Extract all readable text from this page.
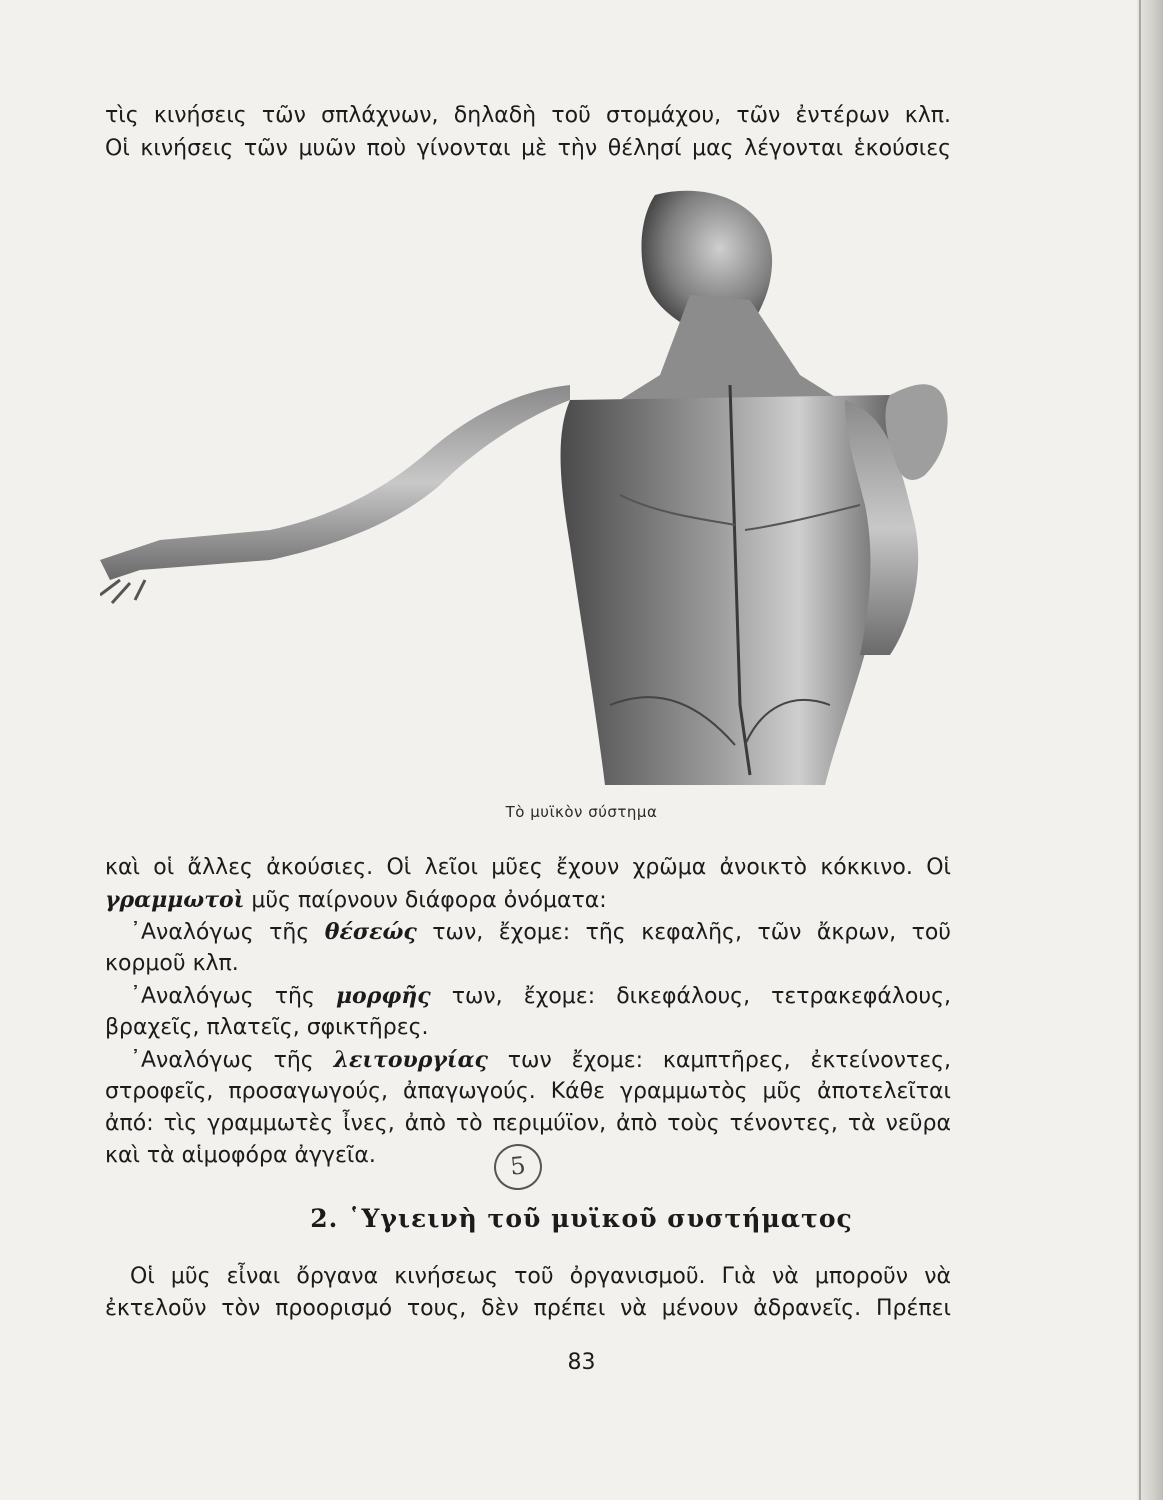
τὶς κινήσεις τῶν σπλάχνων, δηλαδὴ τοῦ στομάχου, τῶν ἐντέρων κλπ.
Οἱ κινήσεις τῶν μυῶν ποὺ γίνονται μὲ τὴν θέλησί μας λέγονται ἑκούσιες
Τὸ μυϊκὸν σύστημα
καὶ οἱ ἄλλες ἀκούσιες. Οἱ λεῖοι μῦες ἔχουν χρῶμα ἀνοικτὸ κόκκινο. Οἱ
γραμμωτοὶ μῦς παίρνουν διάφορα ὀνόματα:
᾿Αναλόγως τῆς θέσεώς των, ἔχομε: τῆς κεφαλῆς, τῶν ἄκρων, τοῦ
κορμοῦ κλπ.
᾿Αναλόγως τῆς μορφῆς των, ἔχομε: δικεφάλους, τετρακεφάλους,
βραχεῖς, πλατεῖς, σφικτῆρες.
᾿Αναλόγως τῆς λειτουργίας των ἔχομε: καμπτῆρες, ἐκτείνοντες,
στροφεῖς, προσαγωγούς, ἀπαγωγούς. Κάθε γραμμωτὸς μῦς ἀποτελεῖται
ἀπό: τὶς γραμμωτὲς ἶνες, ἀπὸ τὸ περιμύϊον, ἀπὸ τοὺς τένοντες, τὰ νεῦρα
καὶ τὰ αἱμοφόρα ἀγγεῖα.	5
2. ῾Υγιεινὴ τοῦ μυϊκοῦ συστήματος
Οἱ μῦς εἶναι ὄργανα κινήσεως τοῦ ὀργανισμοῦ. Γιὰ νὰ μποροῦν νὰ
ἐκτελοῦν τὸν προορισμό τους, δὲν πρέπει νὰ μένουν ἀδρανεῖς. Πρέπει
83
